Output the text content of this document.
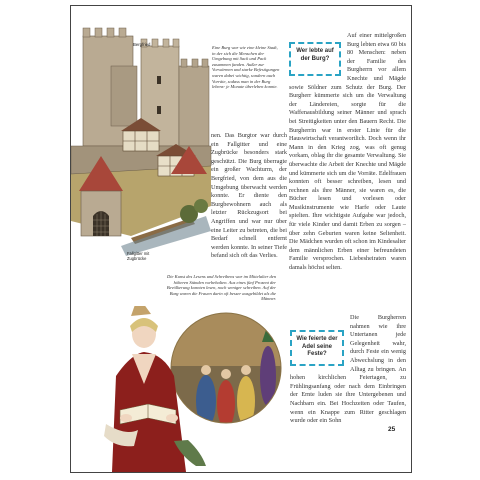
Eine Burg war wie eine kleine Stadt, in der sich die Menschen der Umgebung mit Sack und Pack zusammen fanden. Außer zur Vorwärmen und starke Befestigungen waren dabei wichtig, sondern auch Vorräte, sodass man in der Burg lebens- je Monate überleben konnte.

Bergfried
Fallgitter mit Zugbrücke
nen. Das Burgtor war durch ein Fallgitter und eine Zugbrücke besonders stark geschützt. Die Burg überragte ein großer Wachturm, der Bergfried, von dem aus die Umgebung überwacht werden konnte. Er diente den Burgbewohnern auch als letzter Rückzugsort bei Angriffen und war nur über eine Leiter zu betreten, die bei Bedarf schnell entfernt werden konnte. In seiner Tiefe befand sich oft das Verlies.
Wer lebte auf der Burg?
Auf einer mittelgroßen Burg lebten etwa 60 bis 80 Menschen: neben der Familie des Burgherrn vor allem Knechte und Mägde sowie Söldner zum Schutz der Burg. Der Burgherr kümmerte sich um die Verwaltung der Ländereien, sorgte für die Waffenausbildung seiner Männer und sprach bei Streitigkeiten unter den Bauern Recht. Die Burgherrin war in erster Linie für die Hauswirtschaft verantwortlich. Doch wenn ihr Mann in den Krieg zog, was oft genug vorkam, oblag ihr die gesamte Verwaltung. Sie überwachte die Arbeit der Knechte und Mägde und kümmerte sich um die Vorräte. Edelfrauen konnten oft besser schreiben, lesen und rechnen als ihre Männer, sie waren es, die Bücher lesen und vorlesen oder Musikinstrumente wie Harfe oder Laute spielten. Ihre wichtigste Aufgabe war jedoch, für viele Kinder und damit Erben zu sorgen – über zehn Geburten waren keine Seltenheit. Die Mädchen wurden oft schon im Kindesalter dem männlichen Erben einer befreundeten Familie versprochen. Liebesheiraten waren damals höchst selten.
Wie feierte der Adel seine Feste?
Die Burgherren nahmen wie ihre Untertanen jede Gelegenheit wahr, durch Feste ein wenig Abwechslung in den Alltag zu bringen. An hohen kirchlichen Feiertagen, zu Frühlingsanfang oder nach dem Einbringen der Ernte luden sie ihre Untergebenen und Nachbarn ein. Bei Hochzeiten oder Taufen, wenn ein Knappe zum Ritter geschlagen wurde oder ein Sohn
Die Kunst des Lesens und Schreibens war im Mittelalter den höheren Ständen vorbehalten. Aus eines fünf Prozent der Bevölkerung konnten lesen, noch weniger schreiben. Auf der Burg waren die Frauen darin oft besser ausgebildet als die Männer.
25
